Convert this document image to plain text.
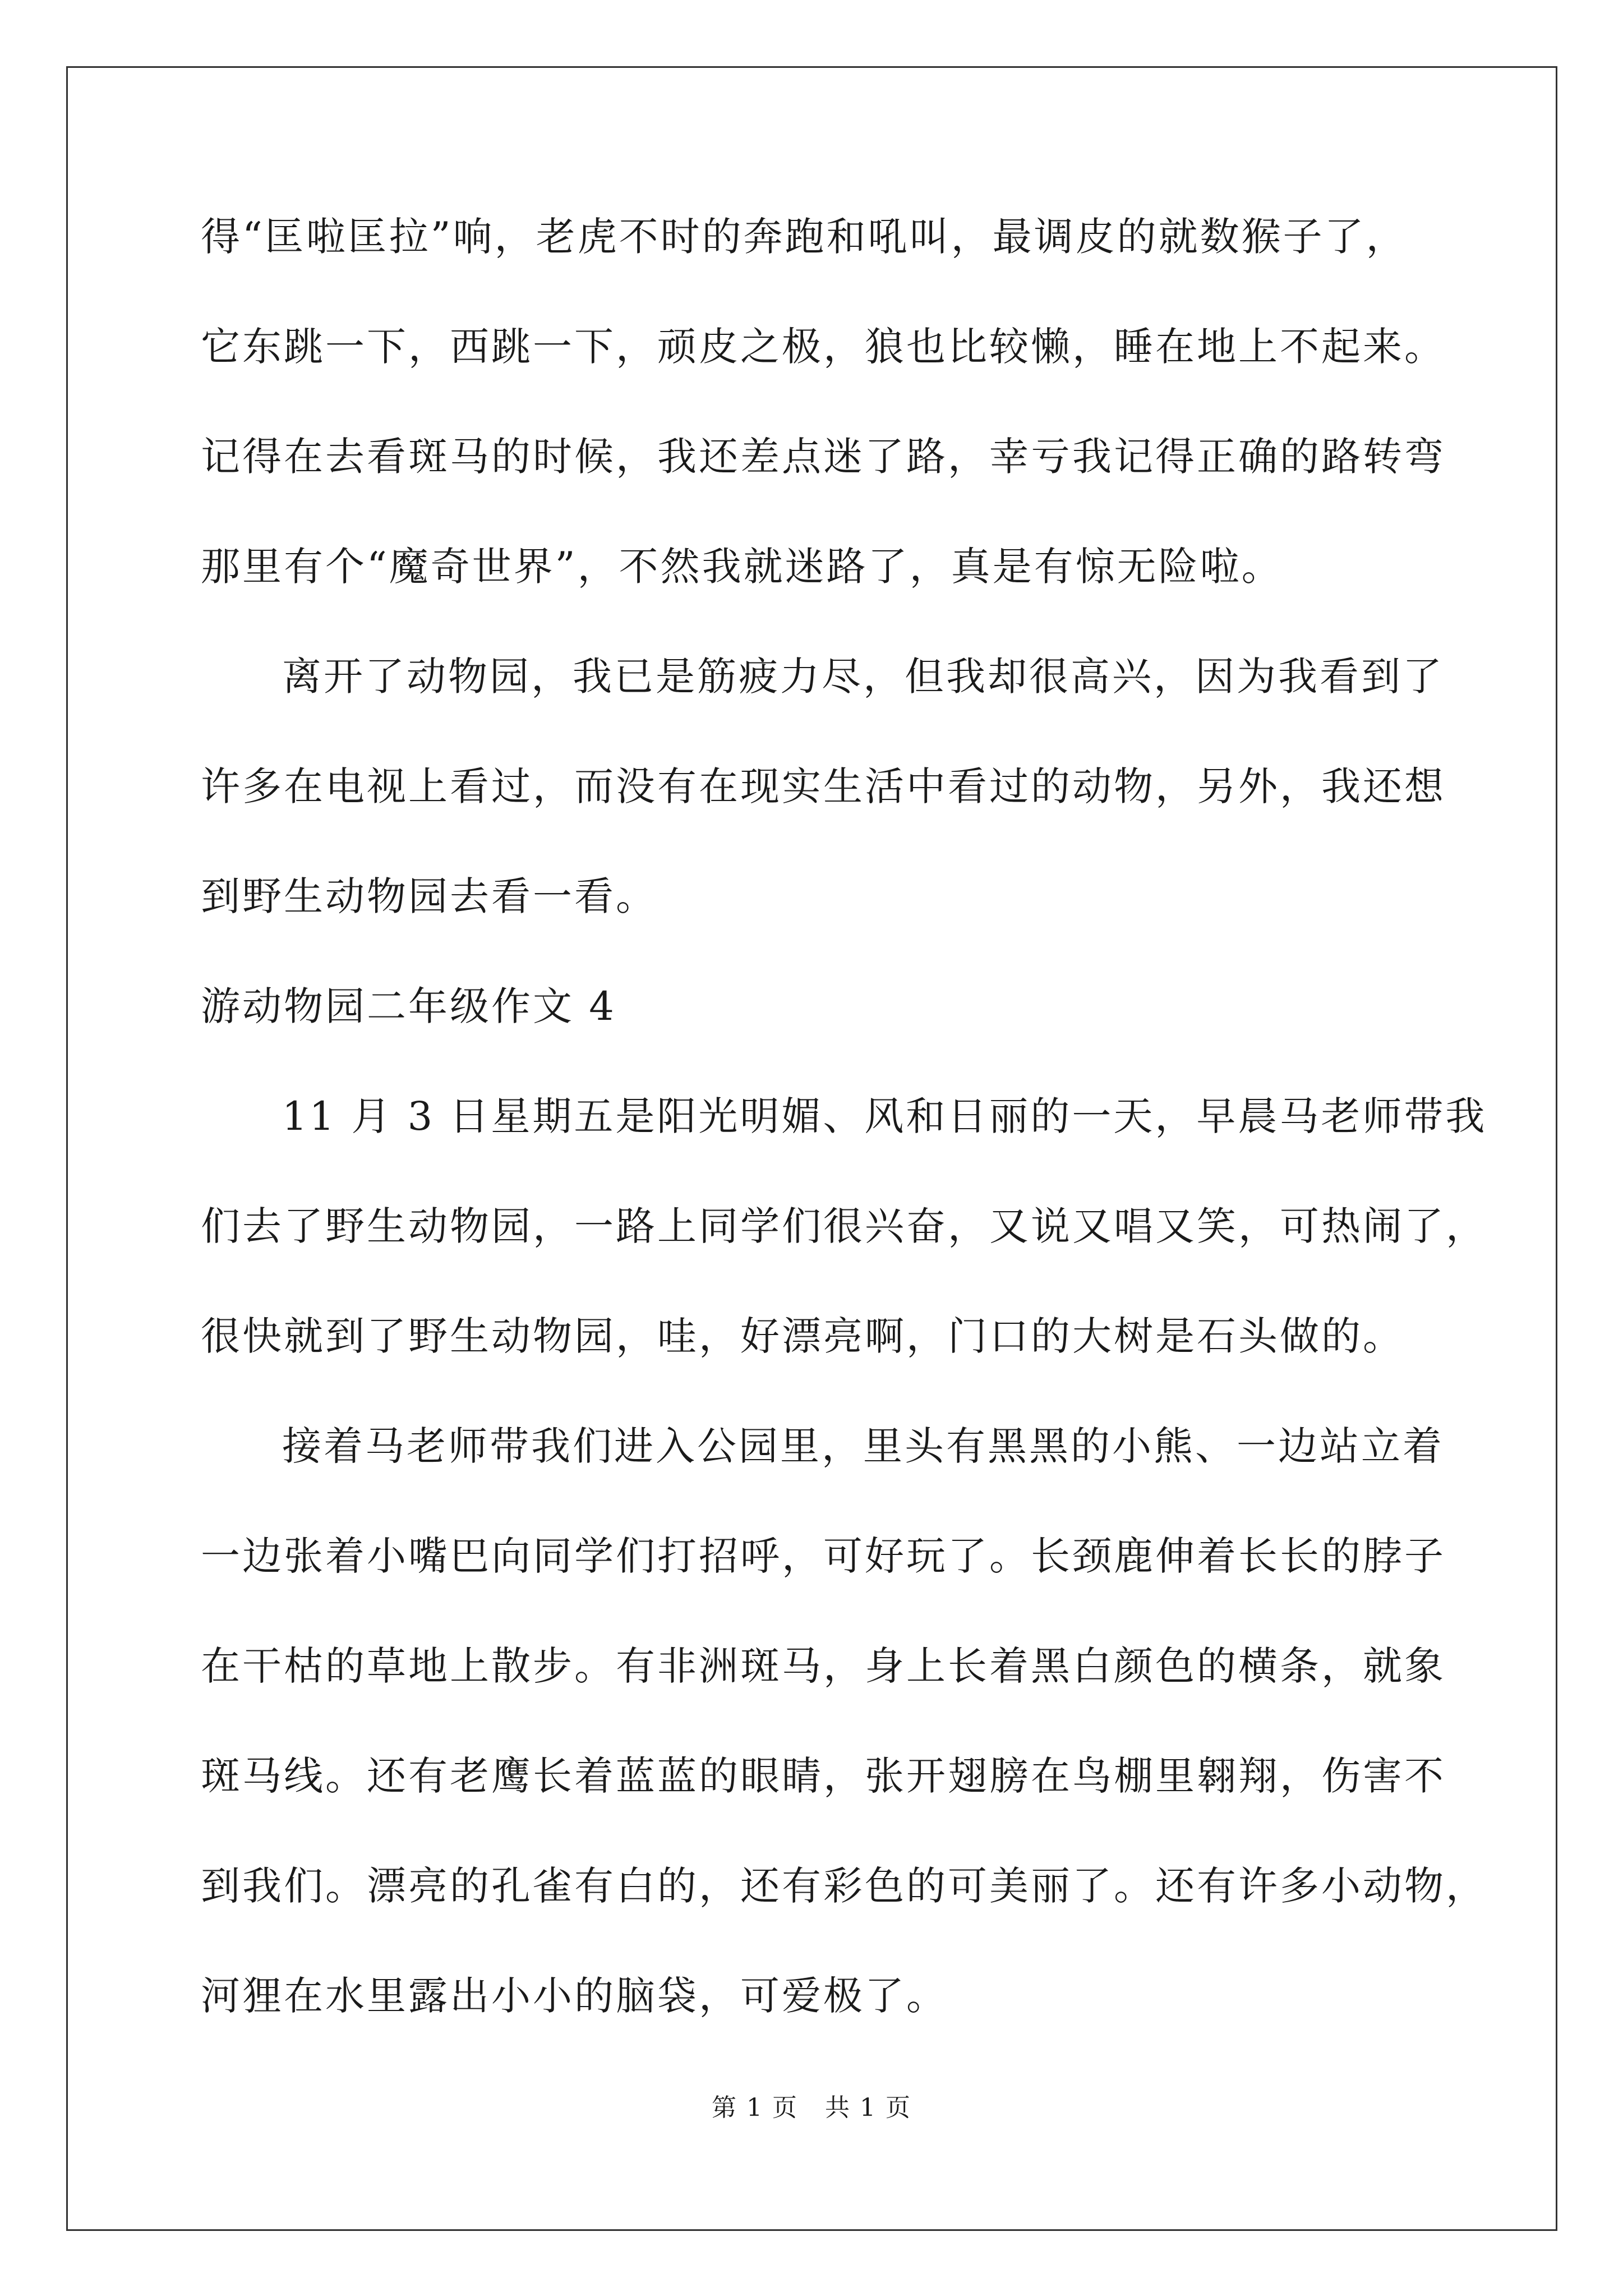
得“匡啦匡拉”响，老虎不时的奔跑和吼叫，最调皮的就数猴子了，
它东跳一下，西跳一下，顽皮之极，狼也比较懒，睡在地上不起来。
记得在去看斑马的时候，我还差点迷了路，幸亏我记得正确的路转弯
那里有个“魔奇世界”，不然我就迷路了，真是有惊无险啦。
离开了动物园，我已是筋疲力尽，但我却很高兴，因为我看到了
许多在电视上看过，而没有在现实生活中看过的动物，另外，我还想
到野生动物园去看一看。
游动物园二年级作文 4
11 月 3 日星期五是阳光明媚、风和日丽的一天，早晨马老师带我
们去了野生动物园，一路上同学们很兴奋，又说又唱又笑，可热闹了，
很快就到了野生动物园，哇，好漂亮啊，门口的大树是石头做的。
接着马老师带我们进入公园里，里头有黑黑的小熊、一边站立着
一边张着小嘴巴向同学们打招呼，可好玩了。长颈鹿伸着长长的脖子
在干枯的草地上散步。有非洲斑马，身上长着黑白颜色的横条，就象
斑马线。还有老鹰长着蓝蓝的眼睛，张开翅膀在鸟棚里翱翔，伤害不
到我们。漂亮的孔雀有白的，还有彩色的可美丽了。还有许多小动物，
河狸在水里露出小小的脑袋，可爱极了。
第 1 页   共 1 页
